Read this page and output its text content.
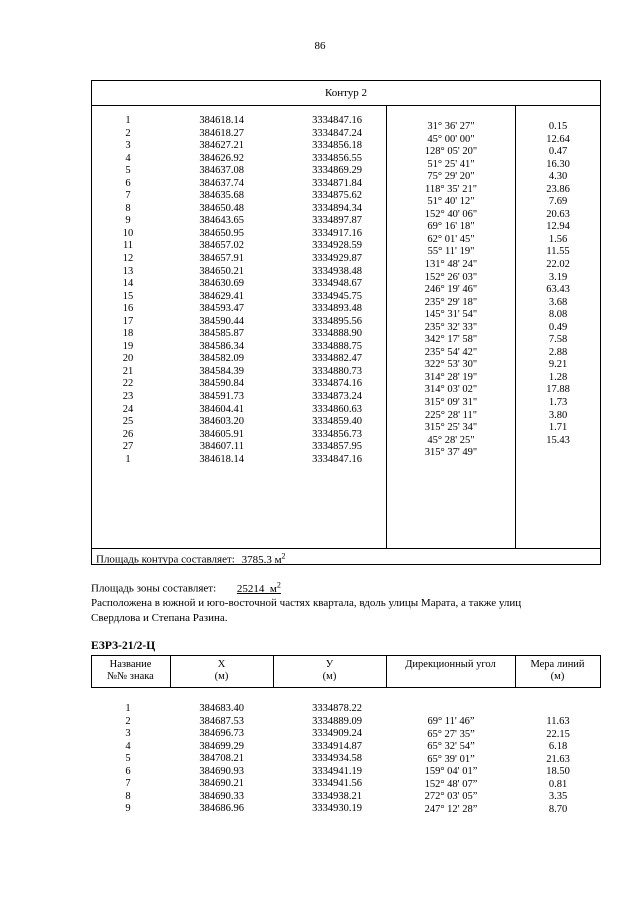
86
Контур 2
1
2
3
4
5
6
7
8
9
10
11
12
13
14
15
16
17
18
19
20
21
22
23
24
25
26
27
1
384618.14
384618.27
384627.21
384626.92
384637.08
384637.74
384635.68
384650.48
384643.65
384650.95
384657.02
384657.91
384650.21
384630.69
384629.41
384593.47
384590.44
384585.87
384586.34
384582.09
384584.39
384590.84
384591.73
384604.41
384603.20
384605.91
384607.11
384618.14
3334847.16
3334847.24
3334856.18
3334856.55
3334869.29
3334871.84
3334875.62
3334894.34
3334897.87
3334917.16
3334928.59
3334929.87
3334938.48
3334948.67
3334945.75
3334893.48
3334895.56
3334888.90
3334888.75
3334882.47
3334880.73
3334874.16
3334873.24
3334860.63
3334859.40
3334856.73
3334857.95
3334847.16
31° 36' 27"
45° 00' 00"
128° 05' 20"
51° 25' 41"
75° 29' 20"
118° 35' 21"
51° 40' 12"
152° 40' 06"
69° 16' 18"
62° 01' 45"
55° 11' 19"
131° 48' 24"
152° 26' 03"
246° 19' 46"
235° 29' 18"
145° 31' 54"
235° 32' 33"
342° 17' 58"
235° 54' 42"
322° 53' 30"
314° 28' 19"
314° 03' 02"
315° 09' 31"
225° 28' 11"
315° 25' 34"
45° 28' 25"
315° 37' 49"
0.15
12.64
0.47
16.30
4.30
23.86
7.69
20.63
12.94
1.56
11.55
22.02
3.19
63.43
3.68
8.08
0.49
7.58
2.88
9.21
1.28
17.88
1.73
3.80
1.71
15.43
Площадь контура составляет: 3785.3 $м^2$
Площадь зоны составляет: 25214 $м^2$
Расположена в южной и юго-восточной частях квартала, вдоль улицы Марата, а также улиц
Свердлова и Степана Разина.
ЕЗРЗ-21/2-Ц
Название
№№ знака
X
(м)
У
(м)
Дирекционный угол	Мера линий
(м)
1
2
3
4
5
6
7
8
9
384683.40
384687.53
384696.73
384699.29
384708.21
384690.93
384690.21
384690.33
384686.96
3334878.22
3334889.09
3334909.24
3334914.87
3334934.58
3334941.19
3334941.56
3334938.21
3334930.19
69° 11' 46”
65° 27' 35”
65° 32' 54”
65° 39' 01”
159° 04' 01”
152° 48' 07”
272° 03' 05”
247° 12' 28”
11.63
22.15
6.18
21.63
18.50
0.81
3.35
8.70
